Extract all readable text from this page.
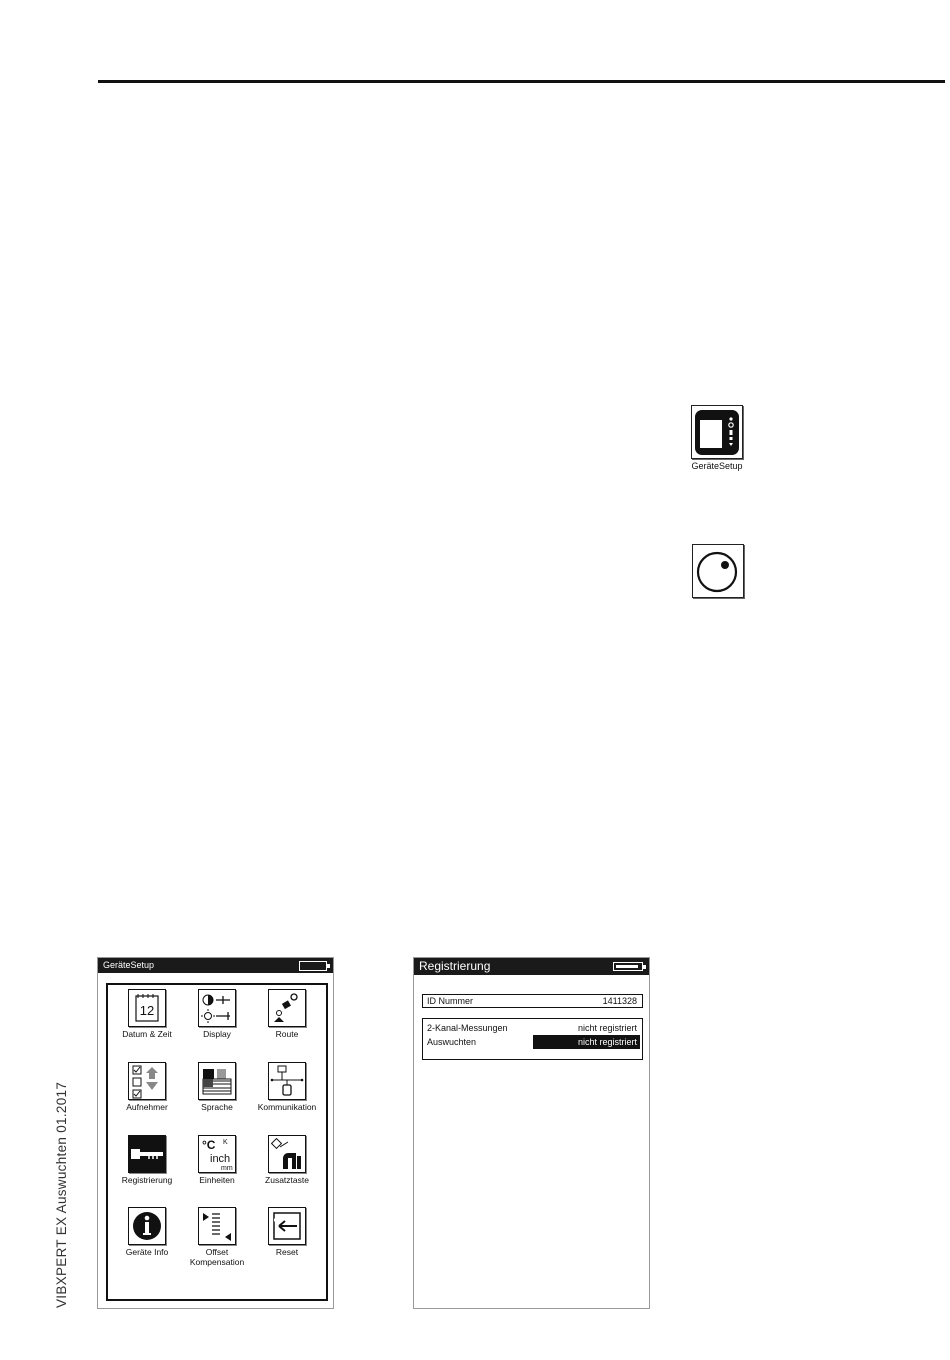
VIBXPERT EX Auswuchten 01.2017
GeräteSetup
GeräteSetup
12
Datum & Zeit	Display	Route
Aufnehmer	Sprache	Kommunikation
Registrierung
°C K
inch
mm
Einheiten	Zusatztaste
Geräte Info	Offset
Kompensation
Reset
Registrierung
ID Nummer	1411328
2-Kanal-Messungen	nicht registriert
Auswuchten	nicht registriert
